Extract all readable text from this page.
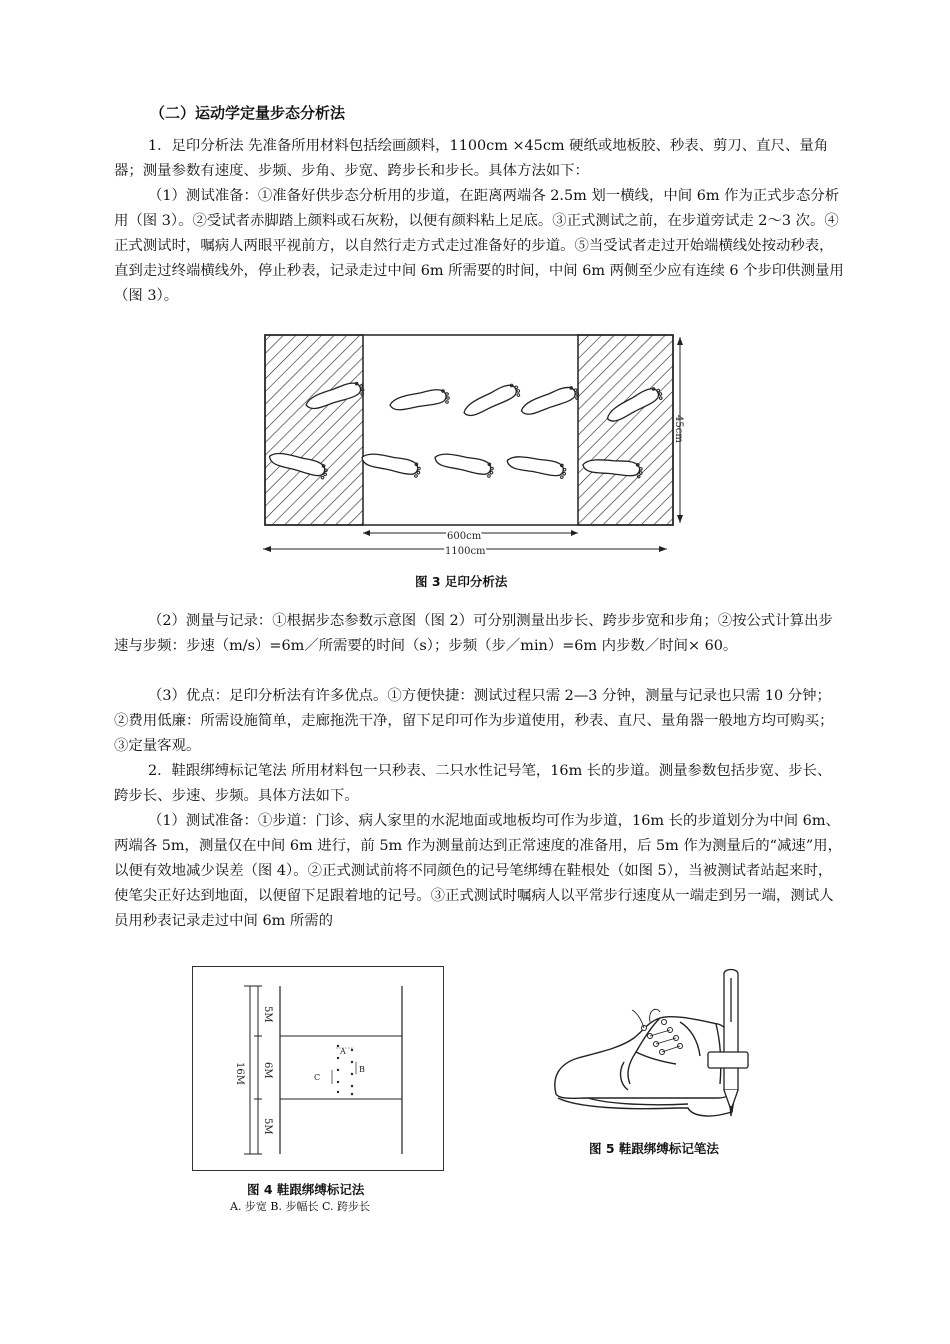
（二）运动学定量步态分析法

1．足印分析法 先准备所用材料包括绘画颜料，1100cm ×45cm 硬纸或地板胶、秒表、剪刀、直尺、量角器；测量参数有速度、步频、步角、步宽、跨步长和步长。具体方法如下：

（1）测试准备：①准备好供步态分析用的步道，在距离两端各 2.5m 划一横线，中间 6m 作为正式步态分析用（图 3）。②受试者赤脚踏上颜料或石灰粉，以便有颜料粘上足底。③正式测试之前，在步道旁试走 2～3 次。④正式测试时，嘱病人两眼平视前方，以自然行走方式走过准备好的步道。⑤当受试者走过开始端横线处按动秒表，直到走过终端横线外，停止秒表，记录走过中间 6m 所需要的时间，中间 6m 两侧至少应有连续 6 个步印供测量用（图 3）。

600cm
1100cm
45cm
图 3 足印分析法

（2）测量与记录：①根据步态参数示意图（图 2）可分别测量出步长、跨步步宽和步角；②按公式计算出步速与步频：步速（m/s）=6m／所需要的时间（s）；步频（步／min）=6m 内步数／时间× 60。

（3）优点：足印分析法有许多优点。①方便快捷：测试过程只需 2—3 分钟，测量与记录也只需 10 分钟；②费用低廉：所需设施简单，走廊拖洗干净，留下足印可作为步道使用，秒表、直尺、量角器一般地方均可购买；③定量客观。

2．鞋跟绑缚标记笔法 所用材料包一只秒表、二只水性记号笔，16m 长的步道。测量参数包括步宽、步长、跨步长、步速、步频。具体方法如下。

（1）测试准备：①步道：门诊、病人家里的水泥地面或地板均可作为步道，16m 长的步道划分为中间 6m、两端各 5m，测量仅在中间 6m 进行，前 5m 作为测量前达到正常速度的准备用，后 5m 作为测量后的“减速”用，以便有效地减少误差（图 4）。②正式测试前将不同颜色的记号笔绑缚在鞋根处（如图 5），当被测试者站起来时，使笔尖正好达到地面，以便留下足跟着地的记号。③正式测试时嘱病人以平常步行速度从一端走到另一端，测试人员用秒表记录走过中间 6m 所需的

5M
6M
5M
16M
A
B
C
图 4 鞋跟绑缚标记法
A. 步宽 B. 步幅长 C. 跨步长
图 5 鞋跟绑缚标记笔法
